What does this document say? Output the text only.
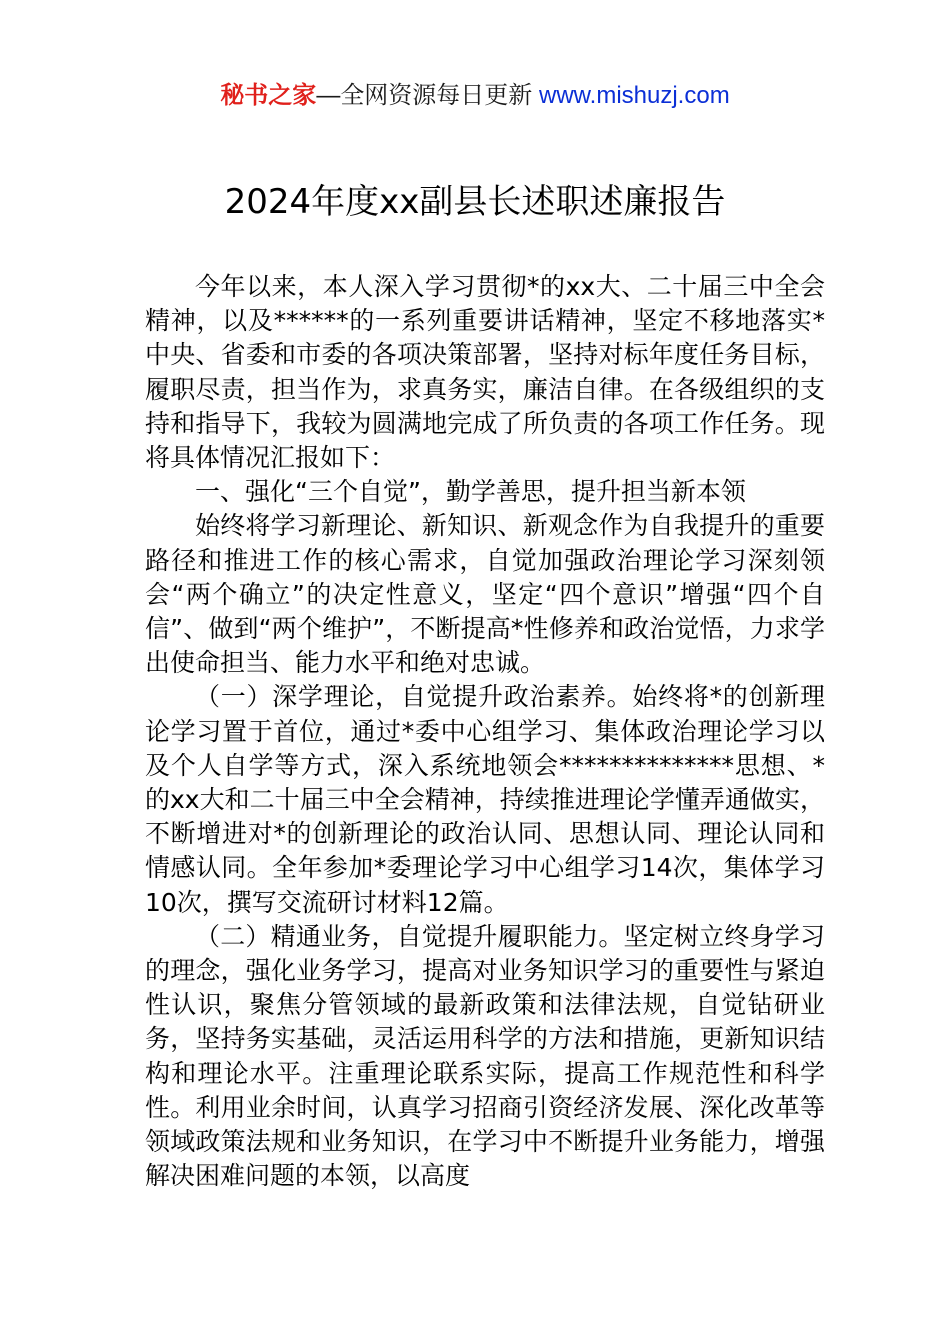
秘书之家—全网资源每日更新 www.mishuzj.com
2024年度xx副县长述职述廉报告

今年以来，本人深入学习贯彻*的xx大、二十届三中全会精神，以及******的一系列重要讲话精神，坚定不移地落实*中央、省委和市委的各项决策部署，坚持对标年度任务目标，履职尽责，担当作为，求真务实，廉洁自律。在各级组织的支持和指导下，我较为圆满地完成了所负责的各项工作任务。现将具体情况汇报如下：

一、强化“三个自觉”，勤学善思，提升担当新本领

始终将学习新理论、新知识、新观念作为自我提升的重要路径和推进工作的核心需求，自觉加强政治理论学习深刻领会“两个确立”的决定性意义，坚定“四个意识”增强“四个自信”、做到“两个维护”，不断提高*性修养和政治觉悟，力求学出使命担当、能力水平和绝对忠诚。

（一）深学理论，自觉提升政治素养。始终将*的创新理论学习置于首位，通过*委中心组学习、集体政治理论学习以及个人自学等方式，深入系统地领会**************思想、*的xx大和二十届三中全会精神，持续推进理论学懂弄通做实，不断增进对*的创新理论的政治认同、思想认同、理论认同和情感认同。全年参加*委理论学习中心组学习14次，集体学习10次，撰写交流研讨材料12篇。

（二）精通业务，自觉提升履职能力。坚定树立终身学习的理念，强化业务学习，提高对业务知识学习的重要性与紧迫性认识，聚焦分管领域的最新政策和法律法规，自觉钻研业务，坚持务实基础，灵活运用科学的方法和措施，更新知识结构和理论水平。注重理论联系实际，提高工作规范性和科学性。利用业余时间，认真学习招商引资经济发展、深化改革等领域政策法规和业务知识，在学习中不断提升业务能力，增强解决困难问题的本领，以高度
